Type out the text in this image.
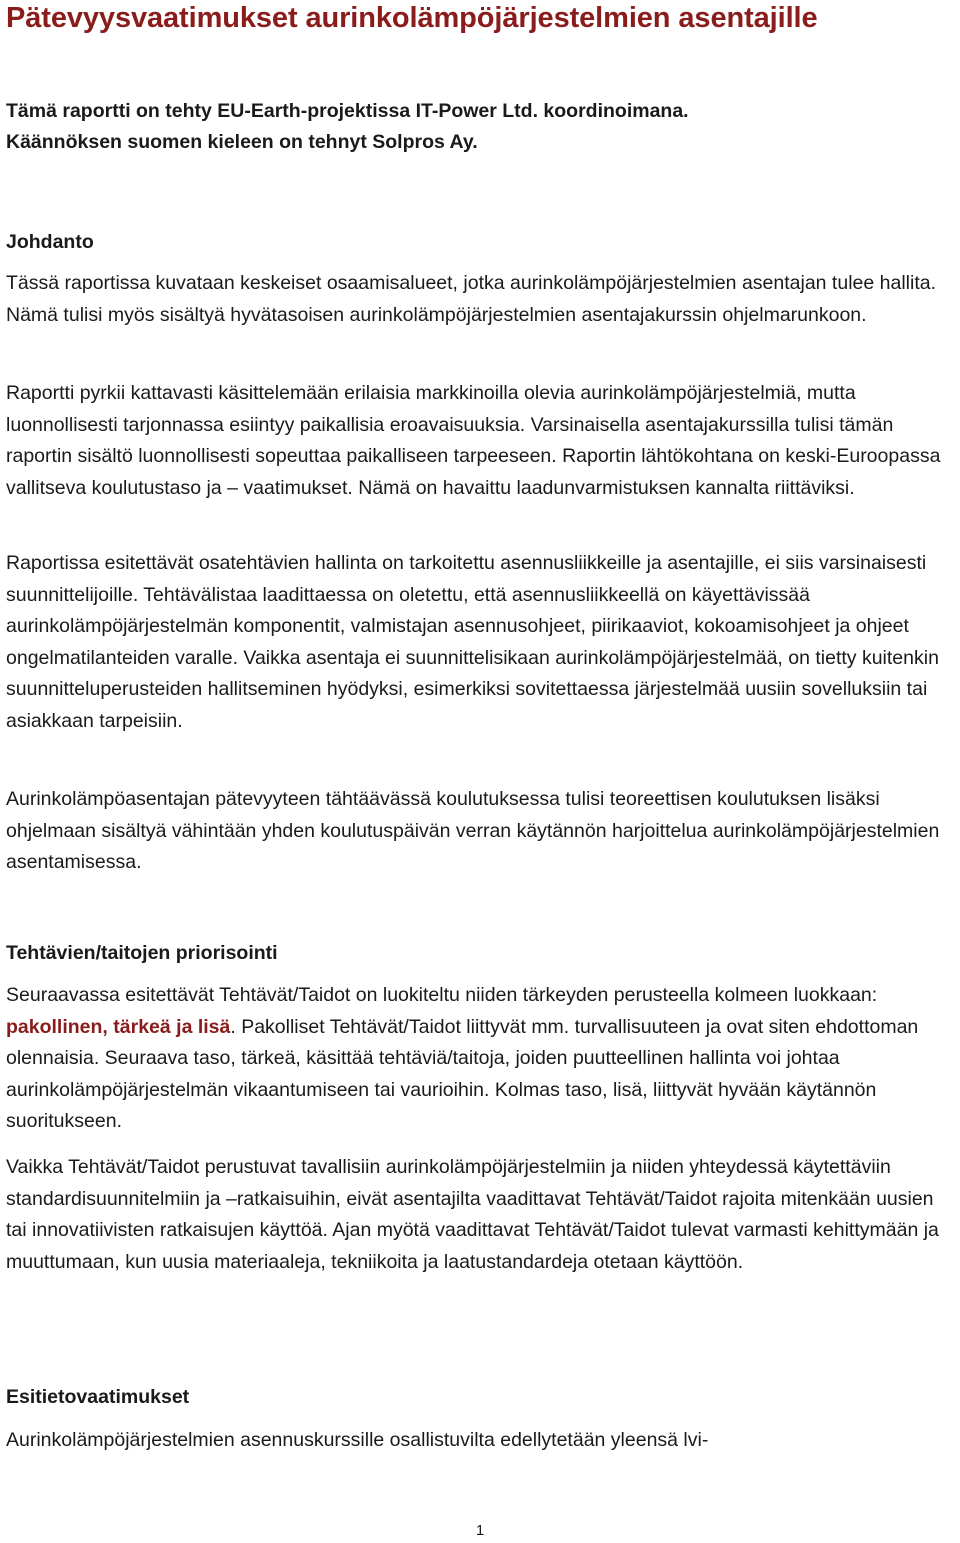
Pätevyysvaatimukset aurinkolämpöjärjestelmien asentajille
Tämä raportti on tehty EU-Earth-projektissa IT-Power Ltd. koordinoimana.
Käännöksen suomen kieleen on tehnyt Solpros Ay.
Johdanto

Tässä raportissa kuvataan keskeiset osaamisalueet, jotka aurinkolämpöjärjestelmien asentajan tulee hallita. Nämä tulisi myös sisältyä hyvätasoisen aurinkolämpöjärjestelmien asentajakurssin ohjelmarunkoon.

Raportti pyrkii kattavasti käsittelemään erilaisia markkinoilla olevia aurinkolämpöjärjestelmiä, mutta luonnollisesti tarjonnassa esiintyy paikallisia eroavaisuuksia. Varsinaisella asentajakurssilla tulisi tämän raportin sisältö luonnollisesti sopeuttaa paikalliseen tarpeeseen. Raportin lähtökohtana on keski-Euroopassa vallitseva koulutustaso ja – vaatimukset. Nämä on havaittu laadunvarmistuksen kannalta riittäviksi.

Raportissa esitettävät osatehtävien hallinta on tarkoitettu asennusliikkeille ja asentajille, ei siis varsinaisesti suunnittelijoille. Tehtävälistaa laadittaessa on oletettu, että asennusliikkeellä on käyettävissää aurinkolämpöjärjestelmän komponentit, valmistajan asennusohjeet, piirikaaviot, kokoamisohjeet ja ohjeet ongelmatilanteiden varalle. Vaikka asentaja ei suunnittelisikaan aurinkolämpöjärjestelmää, on tietty kuitenkin suunnitteluperusteiden hallitseminen hyödyksi, esimerkiksi sovitettaessa järjestelmää uusiin sovelluksiin tai asiakkaan tarpeisiin.

Aurinkolämpöasentajan pätevyyteen tähtäävässä koulutuksessa tulisi teoreettisen koulutuksen lisäksi ohjelmaan sisältyä vähintään yhden koulutuspäivän verran käytännön harjoittelua aurinkolämpöjärjestelmien asentamisessa.

Tehtävien/taitojen priorisointi

Seuraavassa esitettävät Tehtävät/Taidot on luokiteltu niiden tärkeyden perusteella kolmeen luokkaan: pakollinen, tärkeä ja lisä. Pakolliset Tehtävät/Taidot liittyvät mm. turvallisuuteen ja ovat siten ehdottoman olennaisia. Seuraava taso, tärkeä, käsittää tehtäviä/taitoja, joiden puutteellinen hallinta voi johtaa aurinkolämpöjärjestelmän vikaantumiseen tai vaurioihin. Kolmas taso, lisä, liittyvät hyvään käytännön suoritukseen.

Vaikka Tehtävät/Taidot perustuvat tavallisiin aurinkolämpöjärjestelmiin ja niiden yhteydessä käytettäviin standardisuunnitelmiin ja –ratkaisuihin, eivät asentajilta vaadittavat Tehtävät/Taidot rajoita mitenkään uusien tai innovatiivisten ratkaisujen käyttöä. Ajan myötä vaadittavat Tehtävät/Taidot tulevat varmasti kehittymään ja muuttumaan, kun uusia materiaaleja, tekniikoita ja laatustandardeja otetaan käyttöön.

Esitietovaatimukset

Aurinkolämpöjärjestelmien asennuskurssille osallistuvilta edellytetään yleensä lvi-

1
